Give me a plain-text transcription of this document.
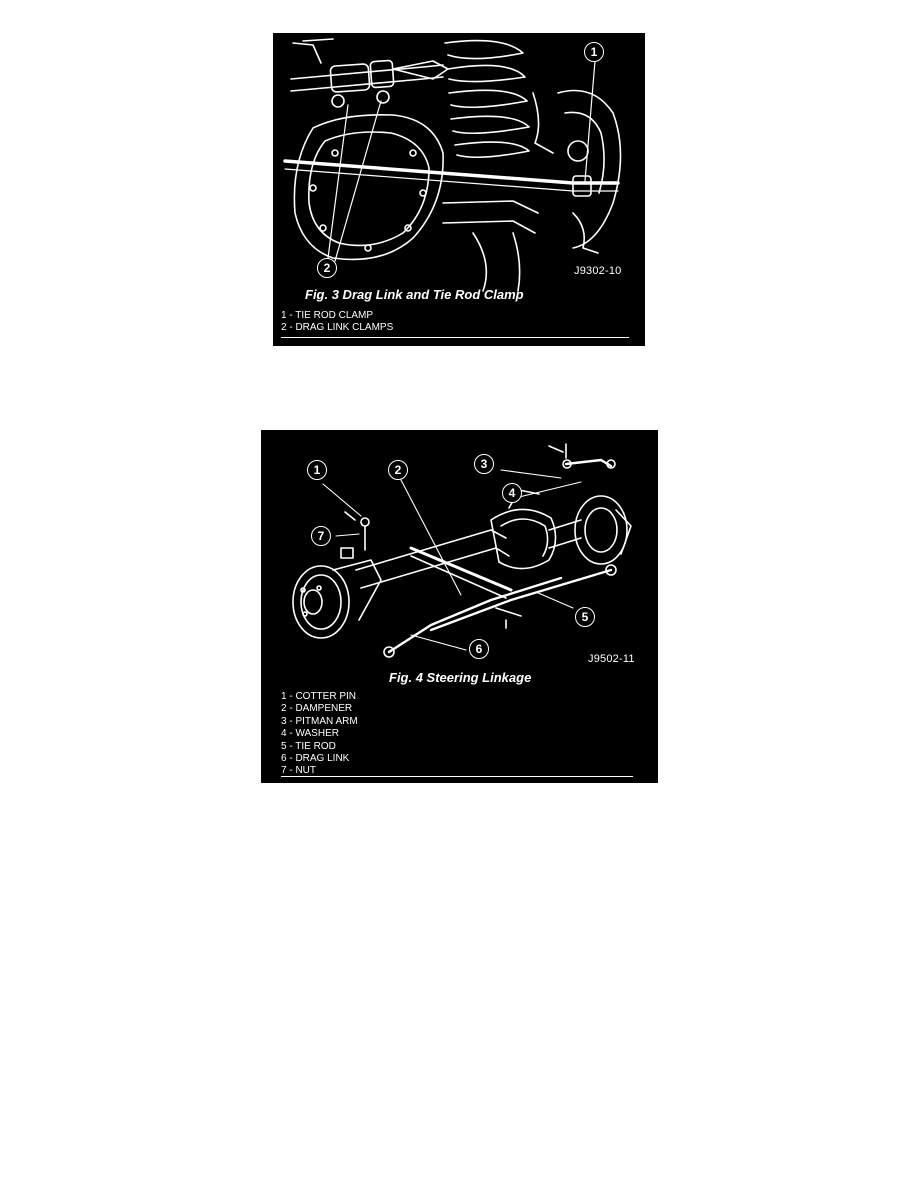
1
2	J9302-10
Fig. 3 Drag Link and Tie Rod Clamp
1 - TIE ROD CLAMP
2 - DRAG LINK CLAMPS
1	2	3
4
5
6
7
J9502-11
Fig. 4 Steering Linkage
1 - COTTER PIN
2 - DAMPENER
3 - PITMAN ARM
4 - WASHER
5 - TIE ROD
6 - DRAG LINK
7 - NUT
